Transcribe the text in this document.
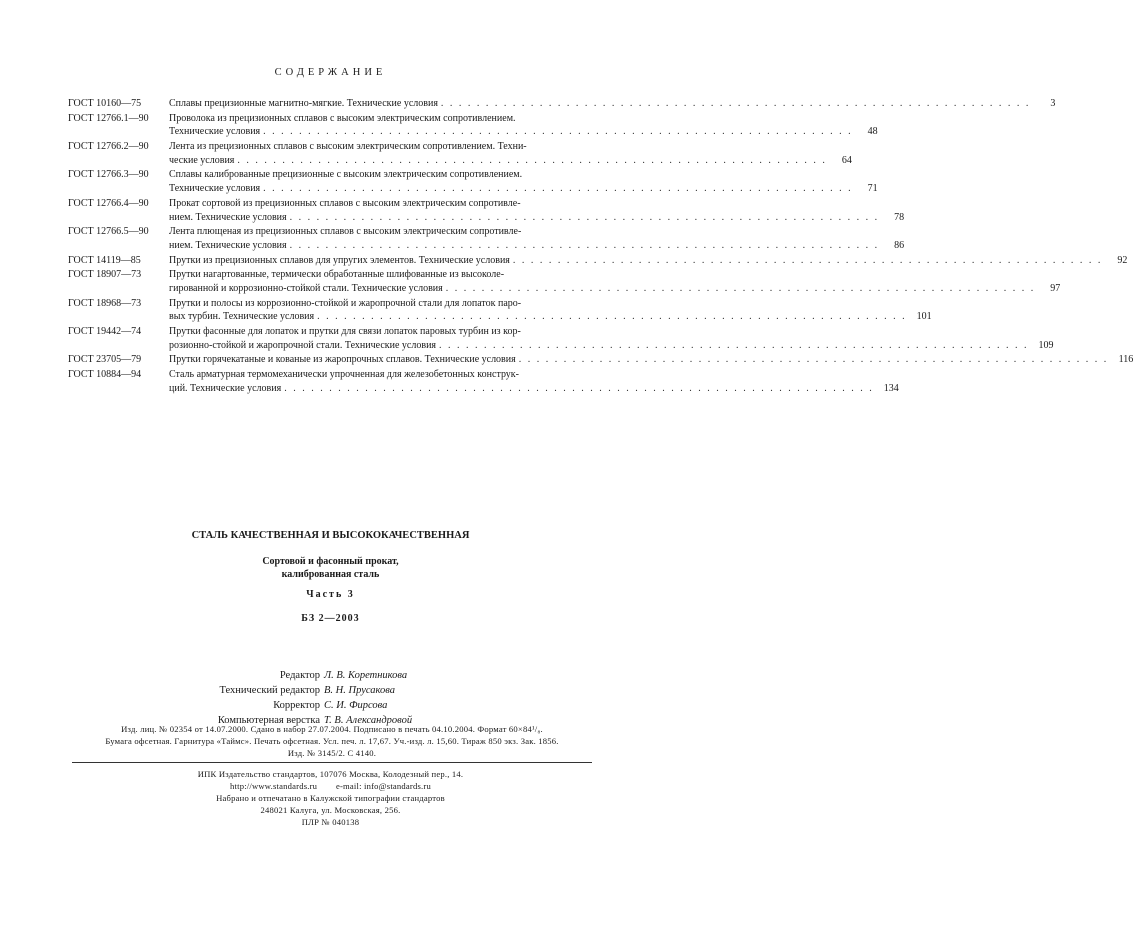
СОДЕРЖАНИЕ
ГОСТ 10160—75	Сплавы прецизионные магнитно-мягкие. Технические условия . . . . . . . . . . . . . . . . . . . . . . . . . . . . . . . . . . . . . . . . . . . . . . . . . . . . . . . . . . . . . . . . . .	3
ГОСТ 12766.1—90	Проволока из прецизионных сплавов с высоким электрическим сопротивлением.
Технические условия . . . . . . . . . . . . . . . . . . . . . . . . . . . . . . . . . . . . . . . . . . . . . . . . . . . . . . . . . . . . . . . . . .	48
ГОСТ 12766.2—90	Лента из прецизионных сплавов с высоким электрическим сопротивлением. Техни-
ческие условия . . . . . . . . . . . . . . . . . . . . . . . . . . . . . . . . . . . . . . . . . . . . . . . . . . . . . . . . . . . . . . . . . .	64
ГОСТ 12766.3—90	Сплавы калиброванные прецизионные с высоким электрическим сопротивлением.
Технические условия . . . . . . . . . . . . . . . . . . . . . . . . . . . . . . . . . . . . . . . . . . . . . . . . . . . . . . . . . . . . . . . . . .	71
ГОСТ 12766.4—90	Прокат сортовой из прецизионных сплавов с высоким электрическим сопротивле-
нием. Технические условия . . . . . . . . . . . . . . . . . . . . . . . . . . . . . . . . . . . . . . . . . . . . . . . . . . . . . . . . . . . . . . . . . .	78
ГОСТ 12766.5—90	Лента плющеная из прецизионных сплавов с высоким электрическим сопротивле-
нием. Технические условия . . . . . . . . . . . . . . . . . . . . . . . . . . . . . . . . . . . . . . . . . . . . . . . . . . . . . . . . . . . . . . . . . .	86
ГОСТ 14119—85	Прутки из прецизионных сплавов для упругих элементов. Технические условия . . . . . . . . . . . . . . . . . . . . . . . . . . . . . . . . . . . . . . . . . . . . . . . . . . . . . . . . . . . . . . . . . .	92
ГОСТ 18907—73	Прутки нагартованные, термически обработанные шлифованные из высоколе-
гированной и коррозионно-стойкой стали. Технические условия . . . . . . . . . . . . . . . . . . . . . . . . . . . . . . . . . . . . . . . . . . . . . . . . . . . . . . . . . . . . . . . . . .	97
ГОСТ 18968—73	Прутки и полосы из коррозионно-стойкой и жаропрочной стали для лопаток паро-
вых турбин. Технические условия . . . . . . . . . . . . . . . . . . . . . . . . . . . . . . . . . . . . . . . . . . . . . . . . . . . . . . . . . . . . . . . . . .	101
ГОСТ 19442—74	Прутки фасонные для лопаток и прутки для связи лопаток паровых турбин из кор-
розионно-стойкой и жаропрочной стали. Технические условия . . . . . . . . . . . . . . . . . . . . . . . . . . . . . . . . . . . . . . . . . . . . . . . . . . . . . . . . . . . . . . . . . .	109
ГОСТ 23705—79	Прутки горячекатаные и кованые из жаропрочных сплавов. Технические условия . . . . . . . . . . . . . . . . . . . . . . . . . . . . . . . . . . . . . . . . . . . . . . . . . . . . . . . . . . . . . . . . . .	116
ГОСТ 10884—94	Сталь арматурная термомеханически упрочненная для железобетонных конструк-
ций. Технические условия . . . . . . . . . . . . . . . . . . . . . . . . . . . . . . . . . . . . . . . . . . . . . . . . . . . . . . . . . . . . . . . . . .	134
СТАЛЬ КАЧЕСТВЕННАЯ И ВЫСОКОКАЧЕСТВЕННАЯ
Сортовой и фасонный прокат,
калиброванная сталь
Часть 3
БЗ 2—2003
Редактор Л. В. Коретникова
Технический редактор В. Н. Прусакова
Корректор С. И. Фирсова
Компьютерная верстка Т. В. Александровой
Изд. лиц. № 02354 от 14.07.2000. Сдано в набор 27.07.2004. Подписано в печать 04.10.2004. Формат 60×84¹/₈.
Бумага офсетная. Гарнитура «Таймс». Печать офсетная. Усл. печ. л. 17,67. Уч.-изд. л. 15,60. Тираж 850 экз. Зак. 1856.
Изд. № 3145/2. С 4140.
ИПК Издательство стандартов, 107076 Москва, Колодезный пер., 14.
http://www.standards.ru        e-mail: info@standards.ru
Набрано и отпечатано в Калужской типографии стандартов
248021 Калуга, ул. Московская, 256.
ПЛР № 040138
